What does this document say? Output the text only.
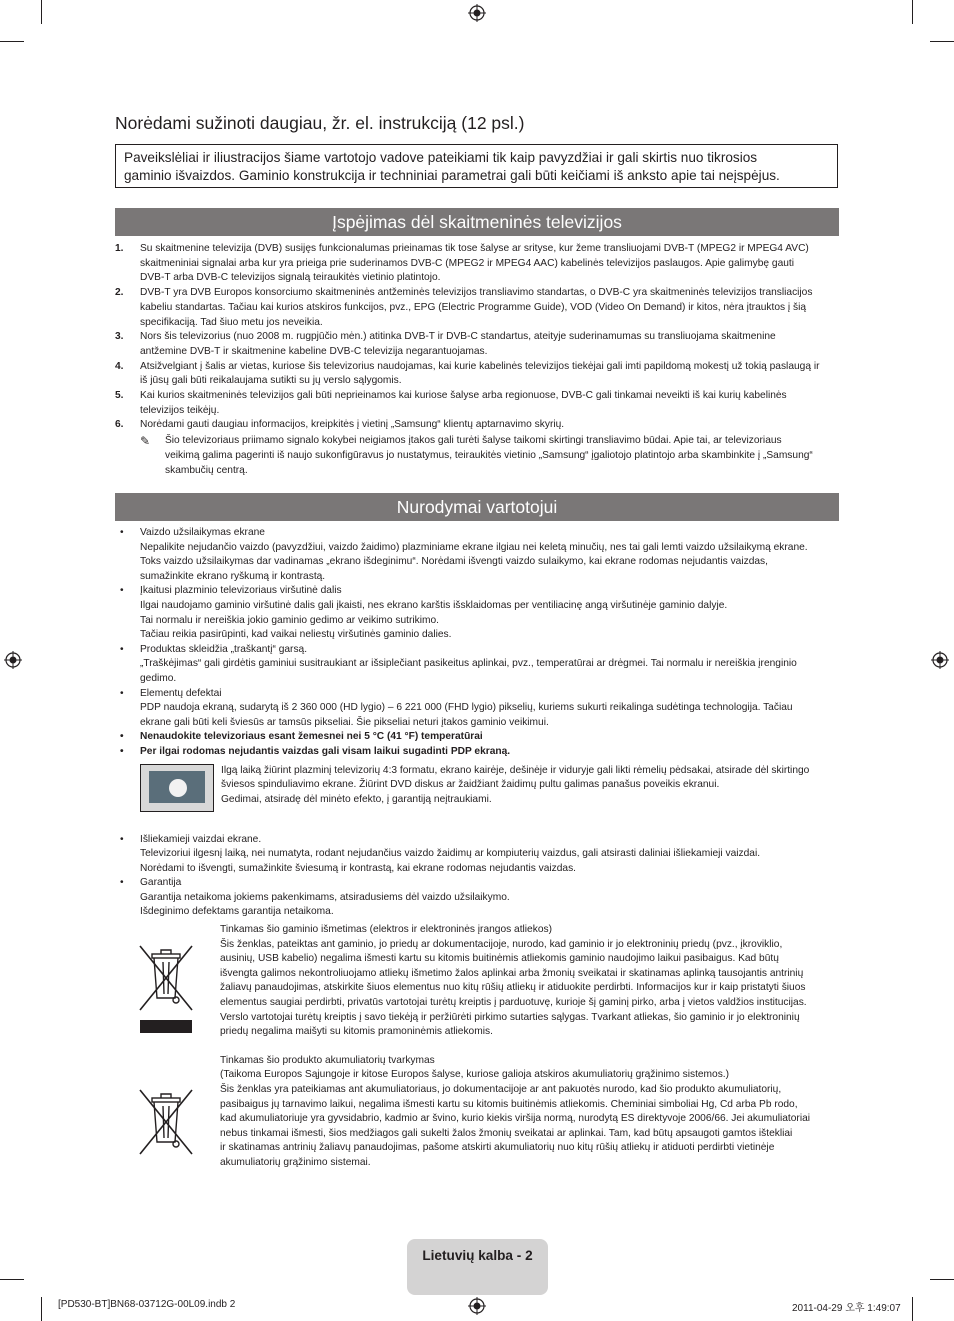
Norėdami sužinoti daugiau, žr. el. instrukciją (12 psl.)
Paveikslėliai ir iliustracijos šiame vartotojo vadove pateikiami tik kaip pavyzdžiai ir gali skirtis nuo tikrosios
gaminio išvaizdos. Gaminio konstrukcija ir techniniai parametrai gali būti keičiami iš anksto apie tai neįspėjus.
Įspėjimas dėl skaitmeninės televizijos
1.	Su skaitmenine televizija (DVB) susijęs funkcionalumas prieinamas tik tose šalyse ar srityse, kur žeme transliuojami DVB-T (MPEG2 ir MPEG4 AVC)
skaitmeniniai signalai arba kur yra prieiga prie suderinamos DVB-C (MPEG2 ir MPEG4 AAC) kabelinės televizijos paslaugos. Apie galimybę gauti
DVB-T arba DVB-C televizijos signalą teiraukitės vietinio platintojo.
2.	DVB-T yra DVB Europos konsorciumo skaitmeninės antžeminės televizijos transliavimo standartas, o DVB-C yra skaitmeninės televizijos transliacijos
kabeliu standartas. Tačiau kai kurios atskiros funkcijos, pvz., EPG (Electric Programme Guide), VOD (Video On Demand) ir kitos, nėra įtrauktos į šią
specifikaciją. Tad šiuo metu jos neveikia.
3.	Nors šis televizorius (nuo 2008 m. rugpjūčio mėn.) atitinka DVB-T ir DVB-C standartus, ateityje suderinamumas su transliuojama skaitmenine
antžemine DVB-T ir skaitmenine kabeline DVB-C televizija negarantuojamas.
4.	Atsižvelgiant į šalis ar vietas, kuriose šis televizorius naudojamas, kai kurie kabelinės televizijos tiekėjai gali imti papildomą mokestį už tokią paslaugą ir
iš jūsų gali būti reikalaujama sutikti su jų verslo sąlygomis.
5.	Kai kurios skaitmeninės televizijos gali būti neprieinamos kai kuriose šalyse arba regionuose, DVB-C gali tinkamai neveikti iš kai kurių kabelinės
televizijos teikėjų.
6.	Norėdami gauti daugiau informacijos, kreipkitės į vietinį „Samsung“ klientų aptarnavimo skyrių.
✎	Šio televizoriaus priimamo signalo kokybei neigiamos įtakos gali turėti šalyse taikomi skirtingi transliavimo būdai. Apie tai, ar televizoriaus
veikimą galima pagerinti iš naujo sukonfigūravus jo nustatymus, teiraukitės vietinio „Samsung“ įgaliotojo platintojo arba skambinkite į „Samsung“
skambučių centrą.
Nurodymai vartotojui
•	Vaizdo užsilaikymas ekrane
Nepalikite nejudančio vaizdo (pavyzdžiui, vaizdo žaidimo) plazminiame ekrane ilgiau nei keletą minučių, nes tai gali lemti vaizdo užsilaikymą ekrane.
Toks vaizdo užsilaikymas dar vadinamas „ekrano išdeginimu“. Norėdami išvengti vaizdo sulaikymo, kai ekrane rodomas nejudantis vaizdas,
sumažinkite ekrano ryškumą ir kontrastą.
•	Įkaitusi plazminio televizoriaus viršutinė dalis
Ilgai naudojamo gaminio viršutinė dalis gali įkaisti, nes ekrano karštis išsklaidomas per ventiliacinę angą viršutinėje gaminio dalyje.
Tai normalu ir nereiškia jokio gaminio gedimo ar veikimo sutrikimo.
Tačiau reikia pasirūpinti, kad vaikai neliestų viršutinės gaminio dalies.
•	Produktas skleidžia „traškantį“ garsą.
„Traškėjimas“ gali girdėtis gaminiui susitraukiant ar išsiplečiant pasikeitus aplinkai, pvz., temperatūrai ar drėgmei. Tai normalu ir nereiškia įrenginio
gedimo.
•	Elementų defektai
PDP naudoja ekraną, sudarytą iš 2 360 000 (HD lygio) – 6 221 000 (FHD lygio) pikselių, kuriems sukurti reikalinga sudėtinga technologija. Tačiau
ekrane gali būti keli šviesūs ar tamsūs pikseliai. Šie pikseliai neturi įtakos gaminio veikimui.
•	Nenaudokite televizoriaus esant žemesnei nei 5 °C (41 °F) temperatūrai
•	Per ilgai rodomas nejudantis vaizdas gali visam laikui sugadinti PDP ekraną.
Ilgą laiką žiūrint plazminį televizorių 4:3 formatu, ekrano kairėje, dešinėje ir viduryje gali likti rėmelių pėdsakai, atsirade dėl skirtingo
šviesos spinduliavimo ekrane. Žiūrint DVD diskus ar žaidžiant žaidimų pultu galimas panašus poveikis ekranui.
Gedimai, atsiradę dėl minėto efekto, į garantiją neįtraukiami.
•	Išliekamieji vaizdai ekrane.
Televizoriui ilgesnį laiką, nei numatyta, rodant nejudančius vaizdo žaidimų ar kompiuterių vaizdus, gali atsirasti daliniai išliekamieji vaizdai.
Norėdami to išvengti, sumažinkite šviesumą ir kontrastą, kai ekrane rodomas nejudantis vaizdas.
•	Garantija
Garantija netaikoma jokiems pakenkimams, atsiradusiems dėl vaizdo užsilaikymo.
Išdeginimo defektams garantija netaikoma.
Tinkamas šio gaminio išmetimas (elektros ir elektroninės įrangos atliekos)
Šis ženklas, pateiktas ant gaminio, jo priedų ar dokumentacijoje, nurodo, kad gaminio ir jo elektroninių priedų (pvz., įkroviklio,
ausinių, USB kabelio) negalima išmesti kartu su kitomis buitinėmis atliekomis gaminio naudojimo laikui pasibaigus. Kad būtų
išvengta galimos nekontroliuojamo atliekų išmetimo žalos aplinkai arba žmonių sveikatai ir skatinamas aplinką tausojantis antrinių
žaliavų panaudojimas, atskirkite šiuos elementus nuo kitų rūšių atliekų ir atiduokite perdirbti. Informacijos kur ir kaip pristatyti šiuos
elementus saugiai perdirbti, privatūs vartotojai turėtų kreiptis į parduotuvę, kurioje šį gaminį pirko, arba į vietos valdžios institucijas.
Verslo vartotojai turėtų kreiptis į savo tiekėją ir peržiūrėti pirkimo sutarties sąlygas. Tvarkant atliekas, šio gaminio ir jo elektroninių
priedų negalima maišyti su kitomis pramoninėmis atliekomis.
Tinkamas šio produkto akumuliatorių tvarkymas
(Taikoma Europos Sąjungoje ir kitose Europos šalyse, kuriose galioja atskiros akumuliatorių grąžinimo sistemos.)
Šis ženklas yra pateikiamas ant akumuliatoriaus, jo dokumentacijoje ar ant pakuotės nurodo, kad šio produkto akumuliatorių,
pasibaigus jų tarnavimo laikui, negalima išmesti kartu su kitomis buitinėmis atliekomis. Cheminiai simboliai Hg, Cd arba Pb rodo,
kad akumuliatoriuje yra gyvsidabrio, kadmio ar švino, kurio kiekis viršija normą, nurodytą ES direktyvoje 2006/66. Jei akumuliatoriai
nebus tinkamai išmesti, šios medžiagos gali sukelti žalos žmonių sveikatai ar aplinkai. Tam, kad būtų apsaugoti gamtos ištekliai
ir skatinamas antrinių žaliavų panaudojimas, pašome atskirti akumuliatorių nuo kitų rūšių atliekų ir atiduoti perdirbti vietinėje
akumuliatorių grąžinimo sistemai.
Lietuvių kalba - 2
[PD530-BT]BN68-03712G-00L09.indb 2	2011-04-29 오후 1:49:07
